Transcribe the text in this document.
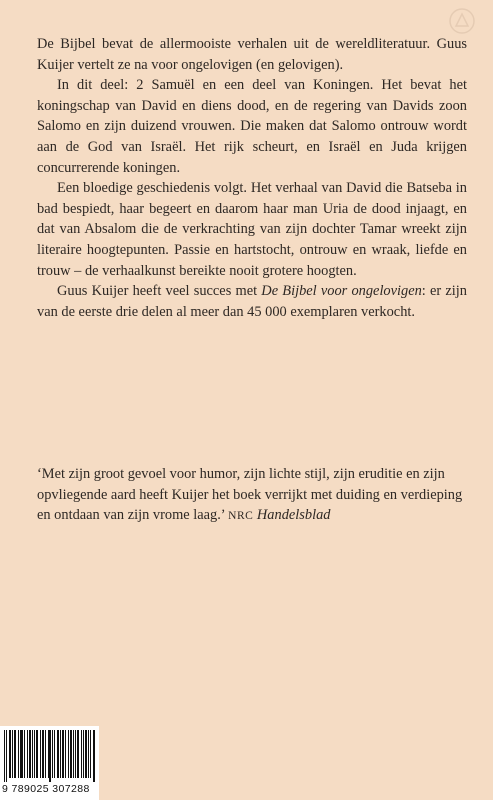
De Bijbel bevat de allermooiste verhalen uit de wereldliteratuur. Guus Kuijer vertelt ze na voor ongelovigen (en gelovigen).

In dit deel: 2 Samuël en een deel van Koningen. Het bevat het koningschap van David en diens dood, en de regering van Davids zoon Salomo en zijn duizend vrouwen. Die maken dat Salomo ontrouw wordt aan de God van Israël. Het rijk scheurt, en Israël en Juda krijgen concurrerende koningen.

Een bloedige geschiedenis volgt. Het verhaal van David die Batseba in bad bespiedt, haar begeert en daarom haar man Uria de dood injaagt, en dat van Absalom die de verkrachting van zijn dochter Tamar wreekt zijn literaire hoogtepunten. Passie en hartstocht, ontrouw en wraak, liefde en trouw – de verhaalkunst bereikte nooit grotere hoogten.

Guus Kuijer heeft veel succes met De Bijbel voor ongelovigen: er zijn van de eerste drie delen al meer dan 45 000 exemplaren verkocht.

‘Met zijn groot gevoel voor humor, zijn lichte stijl, zijn eruditie en zijn opvliegende aard heeft Kuijer het boek verrijkt met duiding en verdieping en ontdaan van zijn vrome laag.’ NRC Handelsblad

9 789025 307288
